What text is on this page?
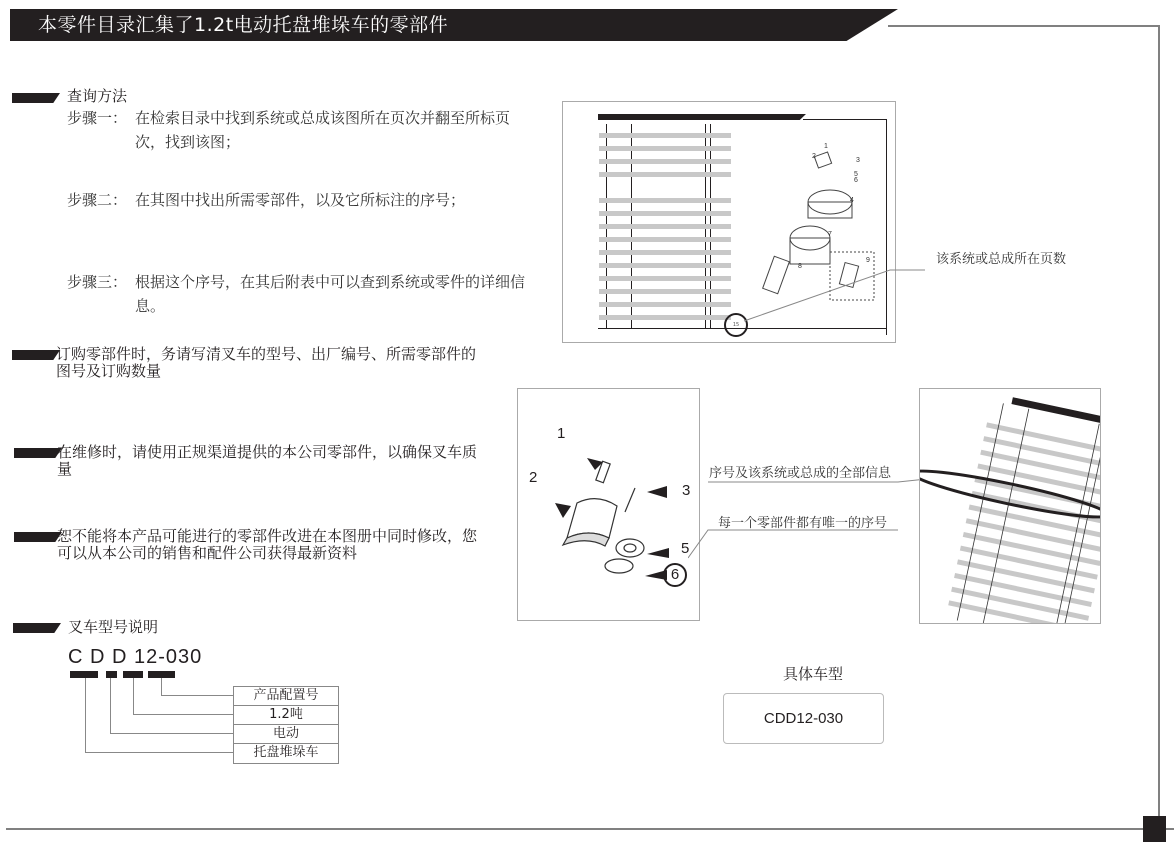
本零件目录汇集了1.2t电动托盘堆垛车的零部件
查询方法
步骤一： 在检索目录中找到系统或总成该图所在页次并翻至所标页次，找到该图；
步骤二： 在其图中找出所需零部件，以及它所标注的序号；
步骤三： 根据这个序号，在其后附表中可以查到系统或零件的详细信息。
订购零部件时，务请写清叉车的型号、出厂编号、所需零部件的图号及订购数量
在维修时，请使用正规渠道提供的本公司零部件，以确保叉车质量
恕不能将本产品可能进行的零部件改进在本图册中同时修改，您可以从本公司的销售和配件公司获得最新资料
叉车型号说明
C D D 12-030
产品配置号
1.2吨
电动
托盘堆垛车
1
2
3
4
5
6
7
8
9
15
该系统或总成所在页数
1
2
3
5
6
序号及该系统或总成的全部信息
每一个零部件都有唯一的序号
具体车型
CDD12-030
